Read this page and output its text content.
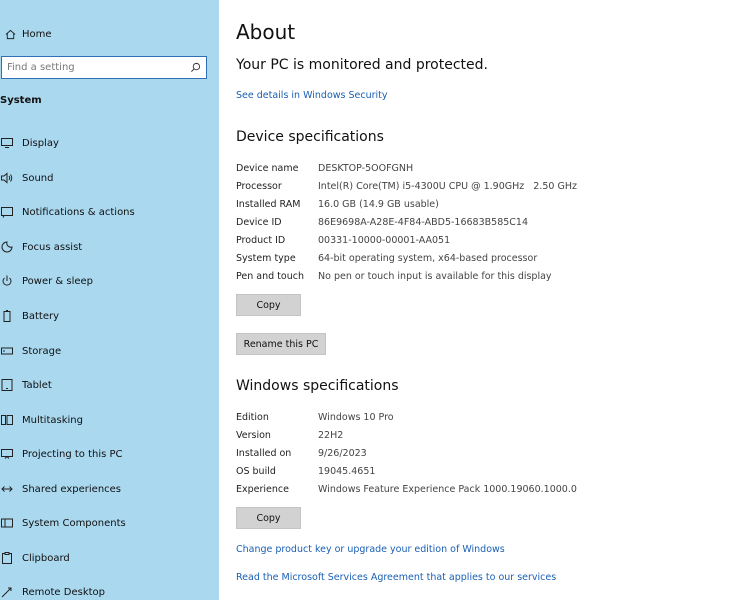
Home
Find a setting
System
Display
Sound
Notifications & actions
Focus assist
Power & sleep
Battery
Storage
Tablet
Multitasking
Projecting to this PC
Shared experiences
System Components
Clipboard
Remote Desktop
About
Your PC is monitored and protected.
See details in Windows Security
Device specifications
Device name	DESKTOP-5OOFGNH
Processor	Intel(R) Core(TM) i5-4300U CPU @ 1.90GHz   2.50 GHz
Installed RAM	16.0 GB (14.9 GB usable)
Device ID	86E9698A-A28E-4F84-ABD5-16683B585C14
Product ID	00331-10000-00001-AA051
System type	64-bit operating system, x64-based processor
Pen and touch	No pen or touch input is available for this display
Copy
Rename this PC
Windows specifications
Edition	Windows 10 Pro
Version	22H2
Installed on	9/26/2023
OS build	19045.4651
Experience	Windows Feature Experience Pack 1000.19060.1000.0
Copy
Change product key or upgrade your edition of Windows
Read the Microsoft Services Agreement that applies to our services
